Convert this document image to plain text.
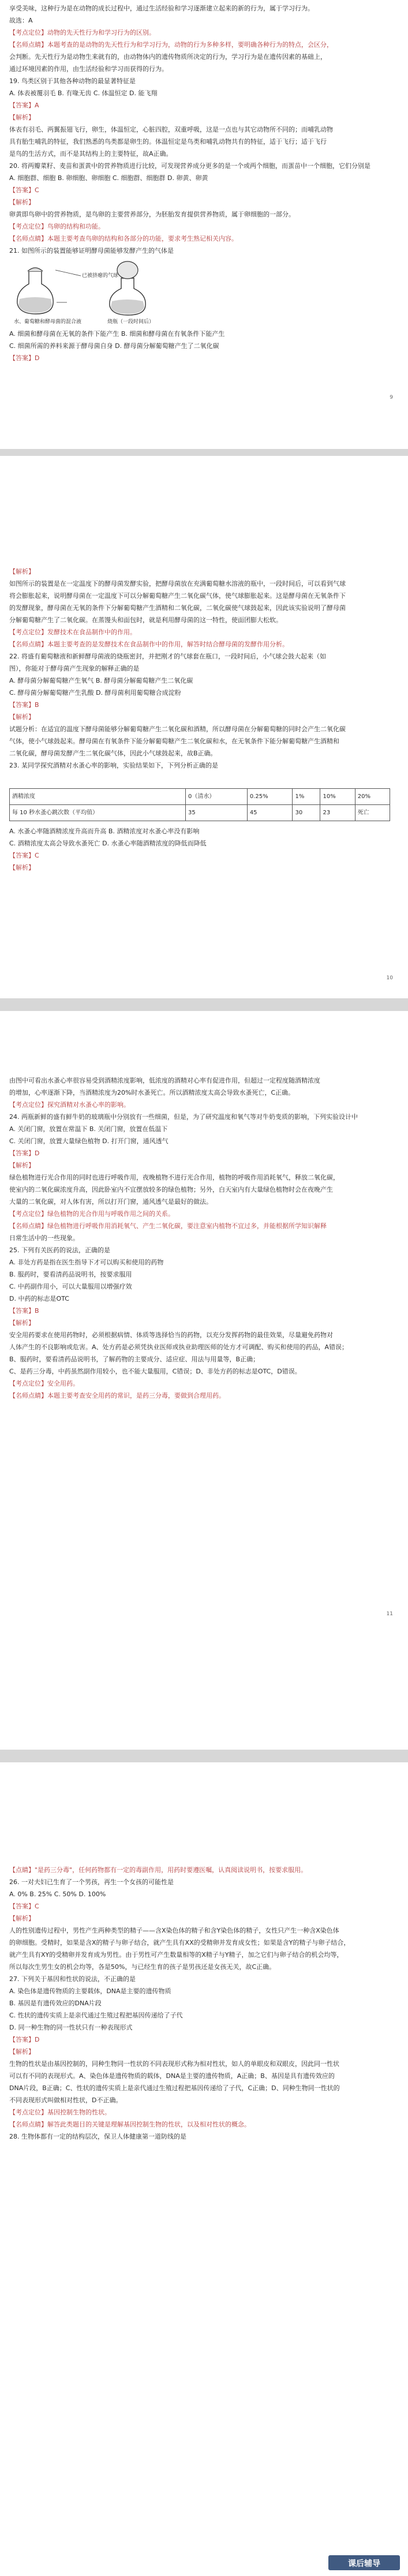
享受美味，这种行为是在动物的成长过程中，通过生活经验和学习逐渐建立起来的新的行为，属于学习行为。
故选：A
【考点定位】动物的先天性行为和学习行为的区别。
【名师点睛】本题考查的是动物的先天性行为和学习行为，动物的行为多种多样，要明确各种行为的特点，会区分，
会判断。先天性行为是动物生来就有的，由动物体内的遗传物质所决定的行为，学习行为是在遗传因素的基础上，
通过环境因素的作用，由生活经验和学习而获得的行为。
19. 鸟类区别于其他各种动物的最显著特征是
A. 体表被覆羽毛 B. 有喙无齿 C. 体温恒定 D. 能飞翔
【答案】A
【解析】
体表有羽毛、两翼振翅飞行，卵生，体温恒定，心脏四腔，双重呼吸，这是一点也与其它动物所不同的；而哺乳动物
具有胎生哺乳的特征，我们熟悉的鸟类都是卵生的。体温恒定是鸟类和哺乳动物共有的特征，适于飞行；适于飞行
是鸟的生活方式，而不是其结构上的主要特征，故A正确。
20. 将两瓣菜籽、麦苗和蛋黄中的营养物质进行比较，可发现营养成分更多的是一个或两个细胞，而蛋苗中一个细胞，它们分别是
A. 细胞群、细胞 B. 卵细胞、卵细胞 C. 细胞群、细胞群 D. 卵黄、卵黄
【答案】C
【解析】
卵黄即鸟卵中的营养物质，是鸟卵的主要营养部分，为胚胎发育提供营养物质，属于卵细胞的一部分。
【考点定位】鸟卵的结构和功能。
【名师点睛】本题主要考查鸟卵的结构和各部分的功能，要求考生熟记相关内容。
21. 如图所示的装置能够证明酵母菌能够发酵产生的气体是
已被挤瘪的气球
水、葡萄糖和酵母菌的混合液	烧瓶（一段时间后）
A. 细菌和酵母菌在无氧的条件下能产生 B. 细菌和酵母菌在有氧条件下能产生
C. 细菌所需的养料来源于酵母菌自身 D. 酵母菌分解葡萄糖产生了二氧化碳
【答案】D
9
【解析】
如图所示的装置是在一定温度下的酵母菌发酵实验，把酵母菌放在充满葡萄糖水溶液的瓶中，一段时间后，可以看到气球
将会膨胀起来，说明酵母菌在一定温度下可以分解葡萄糖产生二氧化碳气体，使气球膨胀起来。这是酵母菌在无氧条件下
的发酵现象，酵母菌在无氧的条件下分解葡萄糖产生酒精和二氧化碳，二氧化碳使气球鼓起来，因此该实验说明了酵母菌
分解葡萄糖产生了二氧化碳。在蒸馒头和面包时，就是利用酵母菌的这一特性，使面团膨大松软。
【考点定位】发酵技术在食品制作中的作用。
【名师点睛】本题主要考查的是发酵技术在食品制作中的作用，解答时结合酵母菌的发酵作用分析。
22. 将盛有葡萄糖液和新鲜酵母菌液的烧瓶密封，并把刚才的气球套在瓶口，一段时间后，小气球会鼓大起来（如
图），你能对于酵母菌产生现象的解释正确的是
A. 酵母菌分解葡萄糖产生氧气 B. 酵母菌分解葡萄糖产生二氧化碳
C. 酵母菌分解葡萄糖产生乳酸 D. 酵母菌利用葡萄糖合成淀粉
【答案】B
【解析】
试题分析：在适宜的温度下酵母菌能够分解葡萄糖产生二氧化碳和酒精，所以酵母菌在分解葡萄糖的同时会产生二氧化碳
气体，使小气球鼓起来。酵母菌在有氧条件下能分解葡萄糖产生二氧化碳和水，在无氧条件下能分解葡萄糖产生酒精和
二氧化碳，酵母菌发酵产生二氧化碳气体，因此小气球鼓起来，故B正确。
23. 某同学探究酒精对水蚤心率的影响，实验结果如下，下列分析正确的是
酒精浓度	0（清水）	0.25%	1%	10%	20%
每 10 秒水蚤心跳次数（平均值）	35	45	30	23	死亡
A. 水蚤心率随酒精浓度升高而升高 B. 酒精浓度对水蚤心率没有影响
C. 酒精浓度太高会导致水蚤死亡 D. 水蚤心率随酒精浓度的降低而降低
【答案】C
【解析】
10
由图中可看出水蚤心率很容易受到酒精浓度影响，低浓度的酒精对心率有促进作用，但超过一定程度随酒精浓度
的增加，心率逐渐下降，当酒精浓度为20%时水蚤死亡。所以酒精浓度太高会导致水蚤死亡，C正确。
【考点定位】探究酒精对水蚤心率的影响。
24. 两瓶新鲜的盛有鲜牛奶的玻璃瓶中分别放有一些细菌，但是，为了研究温度和氧气等对牛奶变质的影响，下列实验设计中
A. 关闭门窗，放置在常温下 B. 关闭门窗，放置在低温下
C. 关闭门窗，放置大量绿色植物 D. 打开门窗，通风透气
【答案】D
【解析】
绿色植物进行光合作用的同时也进行呼吸作用，夜晚植物不进行光合作用，植物的呼吸作用消耗氧气，释放二氧化碳，
使室内的二氧化碳浓度升高，因此卧室内不宜摆放较多的绿色植物；另外，白天室内有大量绿色植物时会在夜晚产生
大量的二氧化碳，对人体有害，所以打开门窗，通风透气是最好的做法。
【考点定位】绿色植物的光合作用与呼吸作用之间的关系。
【名师点睛】绿色植物进行呼吸作用消耗氧气、产生二氧化碳，要注意室内植物不宜过多，并能根据所学知识解释
日常生活中的一些现象。
25. 下列有关医药的说法，正确的是
A. 非处方药是指在医生指导下才可以购买和使用的药物
B. 服药时，要看清药品说明书，按要求服用
C. 中药副作用小，可以大量服用以增强疗效
D. 中药的标志是OTC
【答案】B
【解析】
安全用药要求在使用药物时，必须根据病情、体质等选择恰当的药物，以充分发挥药物的最佳效果，尽量避免药物对
人体产生的不良影响或危害。A、处方药是必须凭执业医师或执业助理医师的处方才可调配、购买和使用的药品，A错误；
B、服药时，要看清药品说明书，了解药物的主要成分、适应症、用法与用量等，B正确；
C、是药三分毒，中药虽然副作用较小，也不能大量服用，C错误；D、非处方药的标志是OTC，D错误。
【考点定位】安全用药。
【名师点睛】本题主要考查安全用药的常识，是药三分毒，要做到合理用药。
11
【点睛】"是药三分毒"，任何药物都有一定的毒副作用，用药时要遵医嘱，认真阅读说明书，按要求服用。
26. 一对夫妇已生育了一个男孩，再生一个女孩的可能性是
A. 0% B. 25% C. 50% D. 100%
【答案】C
【解析】
人的性别遗传过程中，男性产生两种类型的精子——含X染色体的精子和含Y染色体的精子，女性只产生一种含X染色体
的卵细胞。受精时，如果是含X的精子与卵子结合，就产生具有XX的受精卵并发育成女性；如果是含Y的精子与卵子结合，
就产生具有XY的受精卵并发育成为男性。由于男性可产生数量相等的X精子与Y精子，加之它们与卵子结合的机会均等，
所以每次生男生女的机会均等，各是50%，与已经生育的孩子是男孩还是女孩无关，故C正确。
27. 下列关于基因和性状的说法，不正确的是
A. 染色体是遗传物质的主要载体，DNA是主要的遗传物质
B. 基因是有遗传效应的DNA片段
C. 性状的遗传实质上是亲代通过生殖过程把基因传递给了子代
D. 同一种生物的同一性状只有一种表现形式
【答案】D
【解析】
生物的性状是由基因控制的，同种生物同一性状的不同表现形式称为相对性状，如人的单眼皮和双眼皮，因此同一性状
可以有不同的表现形式。A、染色体是遗传物质的载体，DNA是主要的遗传物质，A正确；B、基因是具有遗传效应的
DNA片段，B正确；C、性状的遗传实质上是亲代通过生殖过程把基因传递给了子代，C正确；D、同种生物同一性状的
不同表现形式叫做相对性状，D不正确。
【考点定位】基因控制生物的性状。
【名师点睛】解答此类题目的关键是理解基因控制生物的性状，以及相对性状的概念。
28. 生物体都有一定的结构层次，保卫人体健康第一道防线的是
课后辅导
